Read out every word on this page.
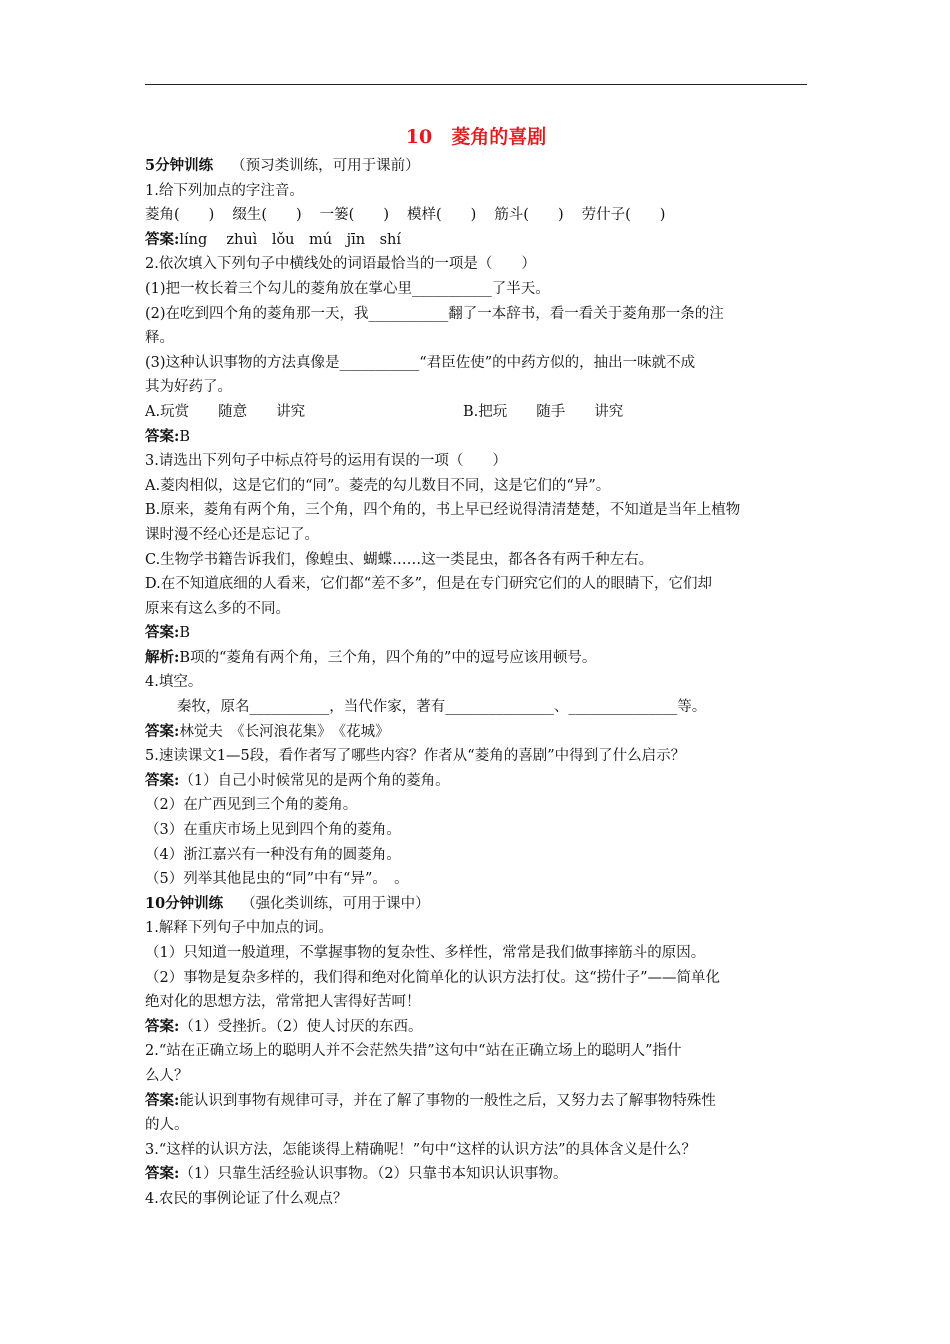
10　菱角的喜剧
5分钟训练 （预习类训练，可用于课前）
1.给下列加点的字注音。
菱角(　　) 缀生(　　) 一篓(　　) 模样(　　) 筋斗(　　) 劳什子(　　)
答案:líng　 zhuì　lǒu　mú　jīn　shí
2.依次填入下列句子中横线处的词语最恰当的一项是（　　）
(1)把一枚长着三个勾儿的菱角放在掌心里___________了半天。
(2)在吃到四个角的菱角那一天，我___________翻了一本辞书，看一看关于菱角那一条的注
释。
(3)这种认识事物的方法真像是___________“君臣佐使”的中药方似的，抽出一味就不成
其为好药了。
A.玩赏　　随意　　讲究	B.把玩　　随手　　讲究
答案:B
3.请选出下列句子中标点符号的运用有误的一项（　　）
A.菱肉相似，这是它们的“同”。菱壳的勾儿数目不同，这是它们的“异”。
B.原来，菱角有两个角，三个角，四个角的，书上早已经说得清清楚楚，不知道是当年上植物
课时漫不经心还是忘记了。
C.生物学书籍告诉我们，像蝗虫、蝴蝶……这一类昆虫，都各各有两千种左右。
D.在不知道底细的人看来，它们都“差不多”，但是在专门研究它们的人的眼睛下，它们却
原来有这么多的不同。
答案:B
解析:B项的“菱角有两个角，三个角，四个角的”中的逗号应该用顿号。
4.填空。
秦牧，原名___________，当代作家，著有_______________、_______________等。
答案:林觉夫　《长河浪花集》　《花城》
5.速读课文1—5段，看作者写了哪些内容？作者从“菱角的喜剧”中得到了什么启示？
答案:（1）自己小时候常见的是两个角的菱角。
（2）在广西见到三个角的菱角。
（3）在重庆市场上见到四个角的菱角。
（4）浙江嘉兴有一种没有角的圆菱角。
（5）列举其他昆虫的“同”中有“异”。　。
10分钟训练 （强化类训练，可用于课中）
1.解释下列句子中加点的词。
（1）只知道一般道理，不掌握事物的复杂性、多样性，常常是我们做事摔筋斗的原因。
（2）事物是复杂多样的，我们得和绝对化简单化的认识方法打仗。这“捞什子”——简单化
绝对化的思想方法，常常把人害得好苦呵！
答案:（1）受挫折。（2）使人讨厌的东西。
2.“站在正确立场上的聪明人并不会茫然失措”这句中“站在正确立场上的聪明人”指什
么人？
答案:能认识到事物有规律可寻，并在了解了事物的一般性之后，又努力去了解事物特殊性
的人。
3.“这样的认识方法，怎能谈得上精确呢！”句中“这样的认识方法”的具体含义是什么？
答案:（1）只靠生活经验认识事物。（2）只靠书本知识认识事物。
4.农民的事例论证了什么观点？
